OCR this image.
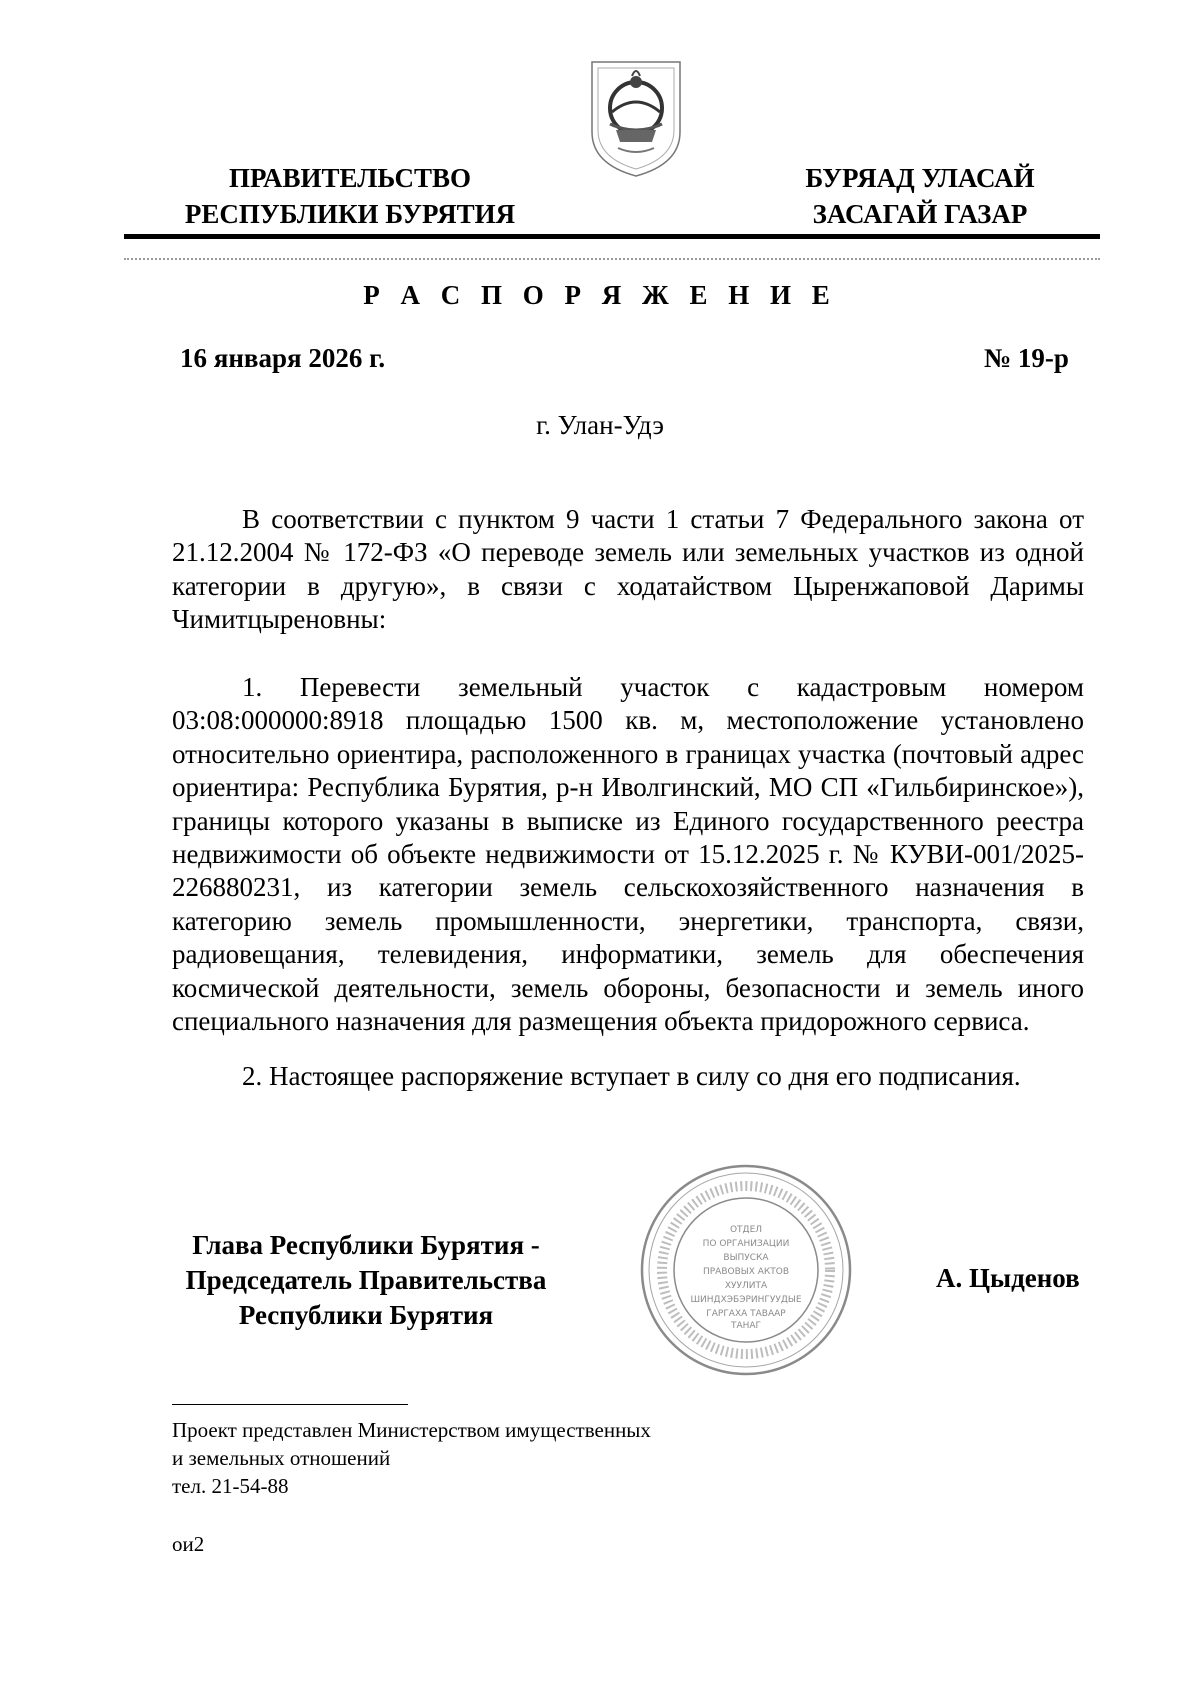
ПРАВИТЕЛЬСТВО
РЕСПУБЛИКИ БУРЯТИЯ
БУРЯАД УЛАСАЙ
ЗАСАГАЙ ГАЗАР
Р А С П О Р Я Ж Е Н И Е
16 января 2026 г.	№ 19-р
г. Улан-Удэ

В соответствии с пунктом 9 части 1 статьи 7 Федерального закона от 21.12.2004 № 172-ФЗ «О переводе земель или земельных участков из одной категории в другую», в связи с ходатайством Цыренжаповой Даримы Чимитцыреновны:

1. Перевести земельный участок с кадастровым номером 03:08:000000:8918 площадью 1500 кв. м, местоположение установлено относительно ориентира, расположенного в границах участка (почтовый адрес ориентира: Республика Бурятия, р-н Иволгинский, МО СП «Гильбиринское»), границы которого указаны в выписке из Единого государственного реестра недвижимости об объекте недвижимости от 15.12.2025 г. № КУВИ-001/2025-226880231, из категории земель сельскохозяйственного назначения в категорию земель промышленности, энергетики, транспорта, связи, радиовещания, телевидения, информатики, земель для обеспечения космической деятельности, земель обороны, безопасности и земель иного специального назначения для размещения объекта придорожного сервиса.

2. Настоящее распоряжение вступает в силу со дня его подписания.

Глава Республики Бурятия -
Председатель Правительства
Республики Бурятия
ОТДЕЛ
ПО ОРГАНИЗАЦИИ
ВЫПУСКА
ПРАВОВЫХ АКТОВ
ХУУЛИТА
ШИНДХЭБЭРИНГУУДЫЕ
ГАРГАХА ТАВААР
ТАНАГ
А. Цыденов
Проект представлен Министерством имущественных
и земельных отношений
тел. 21-54-88
ои2
